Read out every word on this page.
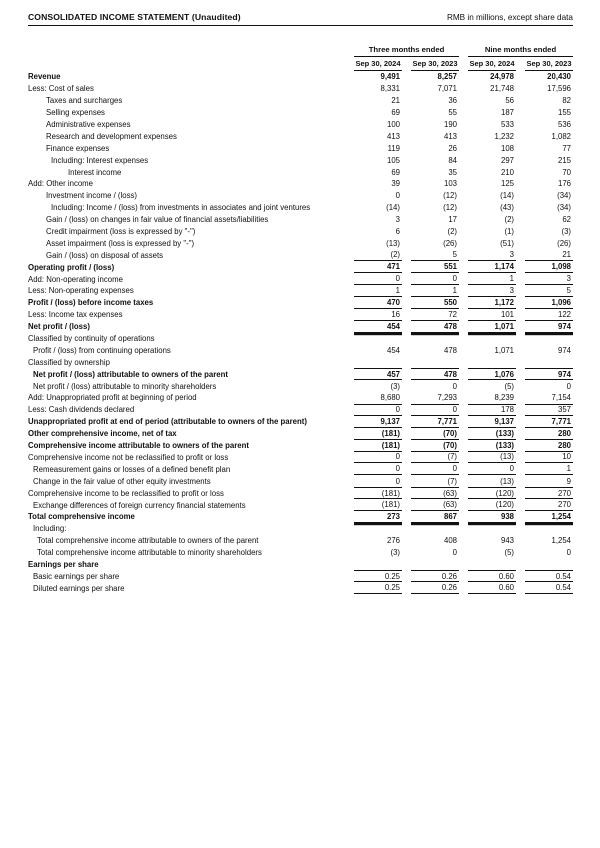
CONSOLIDATED INCOME STATEMENT (Unaudited)	RMB in millions, except share data
Three months ended	Nine months ended
Sep 30, 2024 Sep 30, 2023 Sep 30, 2024 Sep 30, 2023
Revenue	9,491	8,257	24,978	20,430
Less: Cost of sales	8,331	7,071	21,748	17,596
Taxes and surcharges	21	36	56	82
Selling expenses	69	55	187	155
Administrative expenses	100	190	533	536
Research and development expenses	413	413	1,232	1,082
Finance expenses	119	26	108	77
Including: Interest expenses	105	84	297	215
Interest income	69	35	210	70
Add: Other income	39	103	125	176
Investment income / (loss)	0	(12)	(14)	(34)
Including: Income / (loss) from investments in associates and joint ventures	(14)	(12)	(43)	(34)
Gain / (loss) on changes in fair value of financial assets/liabilities	3	17	(2)	62
Credit impairment (loss is expressed by "-")	6	(2)	(1)	(3)
Asset impairment (loss is expressed by "-")	(13)	(26)	(51)	(26)
Gain / (loss) on disposal of assets	(2)	5	3	21
Operating profit / (loss)	471	551	1,174	1,098
Add: Non-operating income	0	0	1	3
Less: Non-operating expenses	1	1	3	5
Profit / (loss) before income taxes	470	550	1,172	1,096
Less: Income tax expenses	16	72	101	122
Net profit / (loss)	454	478	1,071	974
Classified by continuity of operations
Profit / (loss) from continuing operations	454	478	1,071	974
Classified by ownership
Net profit / (loss) attributable to owners of the parent	457	478	1,076	974
Net profit / (loss) attributable to minority shareholders	(3)	0	(5)	0
Add: Unappropriated profit at beginning of period	8,680	7,293	8,239	7,154
Less: Cash dividends declared	0	0	178	357
Unappropriated profit at end of period (attributable to owners of the parent)	9,137	7,771	9,137	7,771
Other comprehensive income, net of tax	(181)	(70)	(133)	280
Comprehensive income attributable to owners of the parent	(181)	(70)	(133)	280
Comprehensive income not be reclassified to profit or loss	0	(7)	(13)	10
Remeasurement gains or losses of a defined benefit plan	0	0	0	1
Change in the fair value of other equity investments	0	(7)	(13)	9
Comprehensive income to be reclassified to profit or loss	(181)	(63)	(120)	270
Exchange differences of foreign currency financial statements	(181)	(63)	(120)	270
Total comprehensive income	273	867	938	1,254
Including:
Total comprehensive income attributable to owners of the parent	276	408	943	1,254
Total comprehensive income attributable to minority shareholders	(3)	0	(5)	0
Earnings per share
Basic earnings per share	0.25	0.26	0.60	0.54
Diluted earnings per share	0.25	0.26	0.60	0.54
